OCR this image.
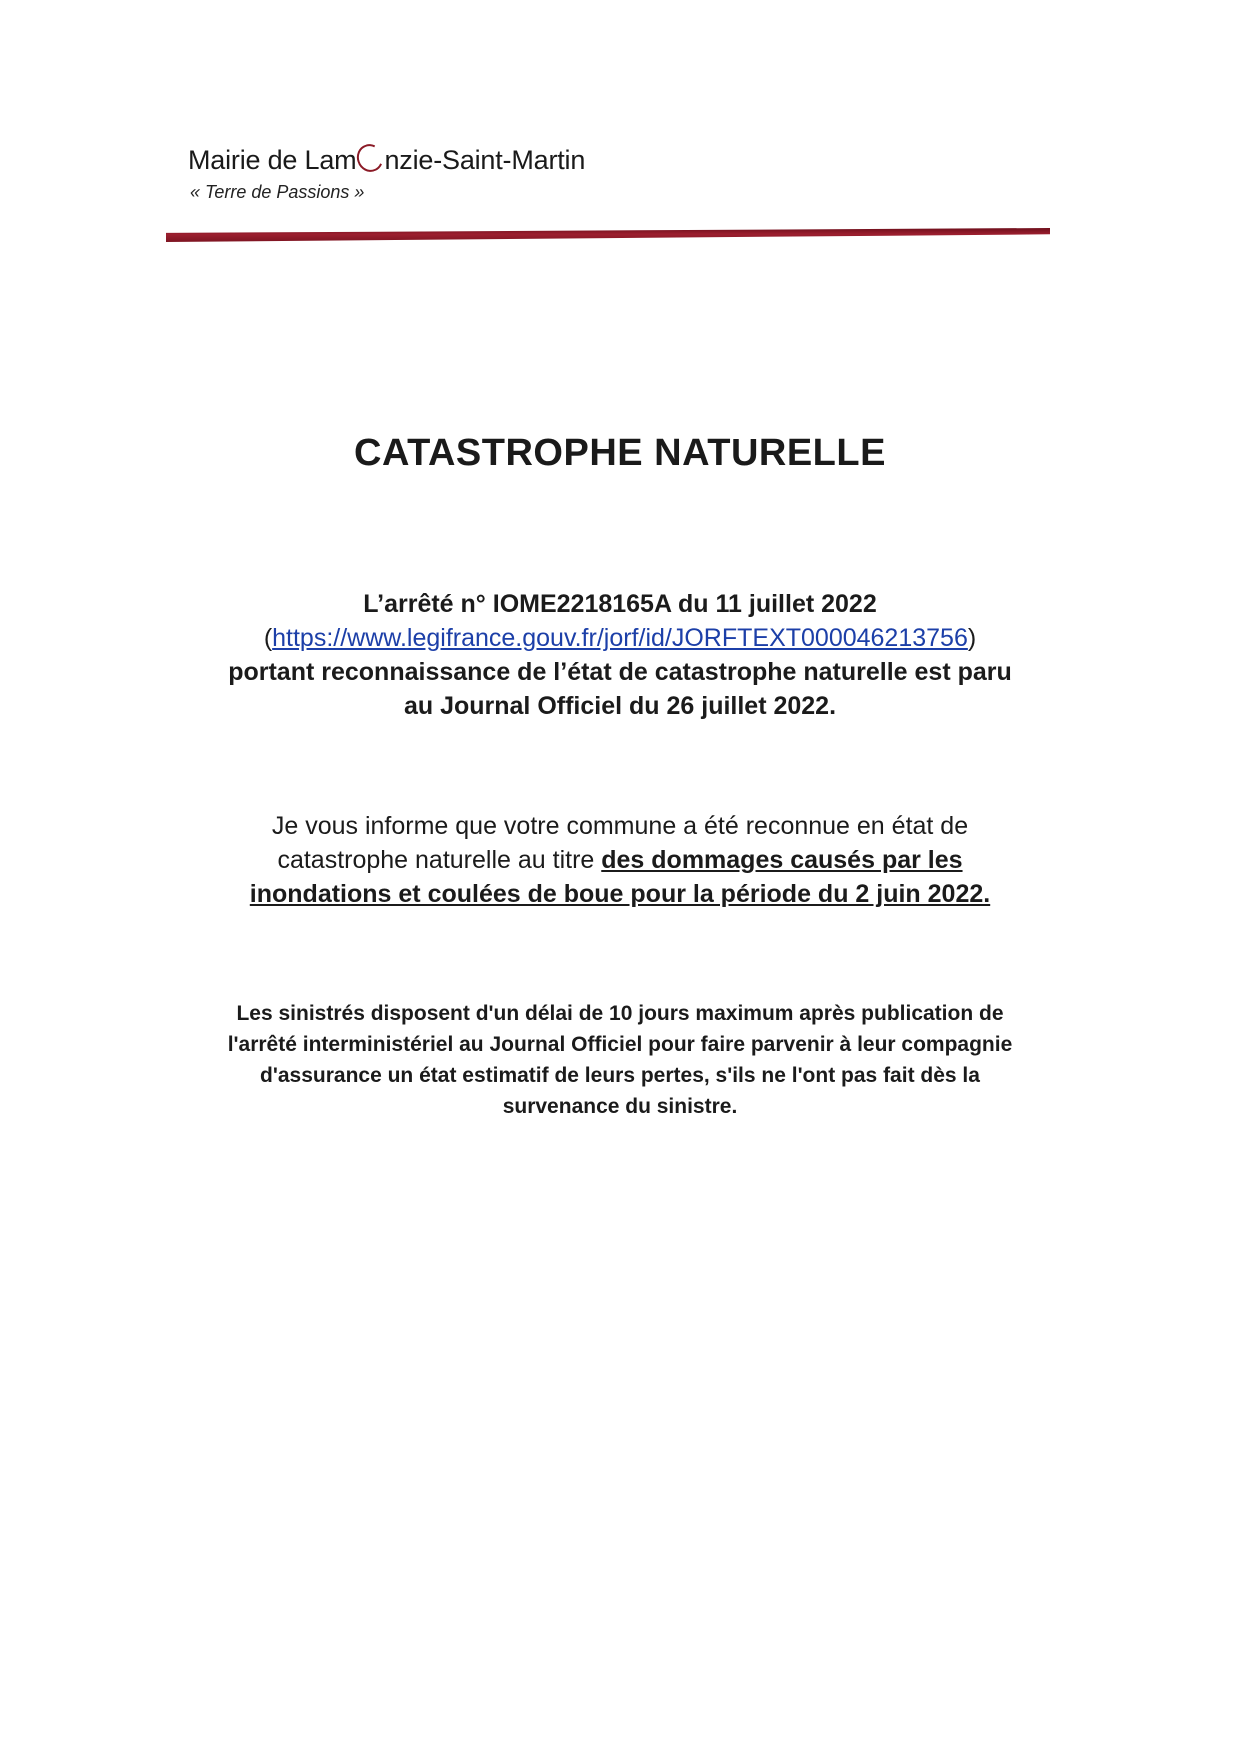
Mairie de Lam nzie-Saint-Martin
« Terre de Passions »
CATASTROPHE NATURELLE
L’arrêté n° IOME2218165A du 11 juillet 2022
(https://www.legifrance.gouv.fr/jorf/id/JORFTEXT000046213756)
portant reconnaissance de l’état de catastrophe naturelle est paru
au Journal Officiel du 26 juillet 2022.
Je vous informe que votre commune a été reconnue en état de
catastrophe naturelle au titre des dommages causés par les
inondations et coulées de boue pour la période du 2 juin 2022.
Les sinistrés disposent d'un délai de 10 jours maximum après publication de
l'arrêté interministériel au Journal Officiel pour faire parvenir à leur compagnie
d'assurance un état estimatif de leurs pertes, s'ils ne l'ont pas fait dès la
survenance du sinistre.
